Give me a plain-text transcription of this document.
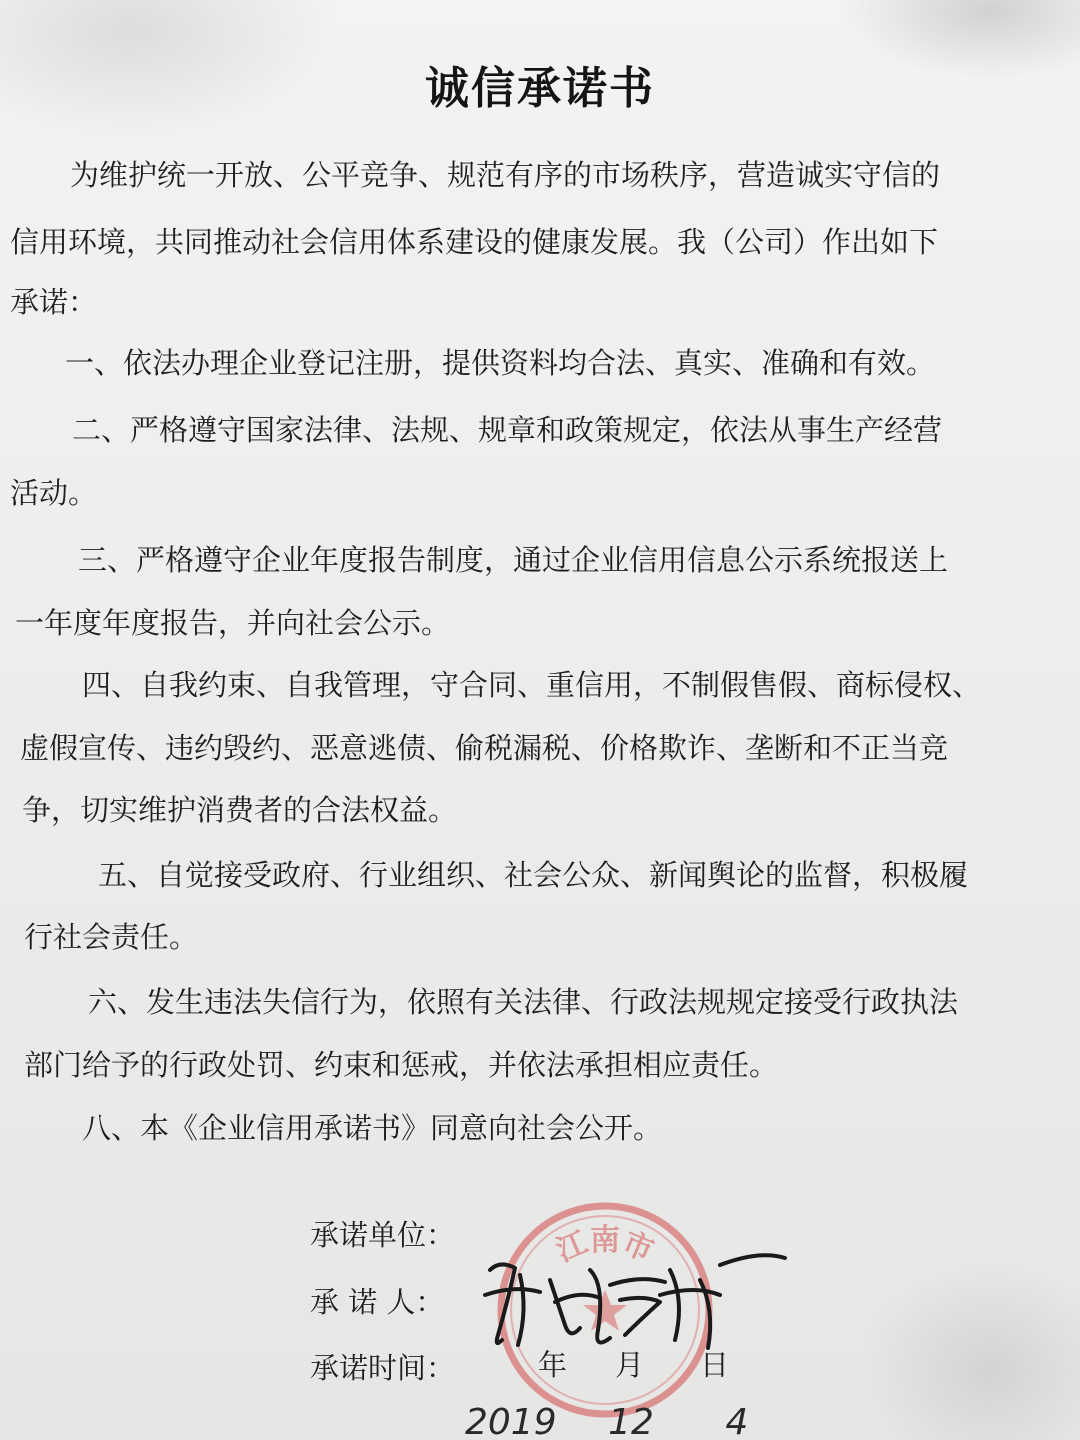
诚信承诺书
为维护统一开放、公平竞争、规范有序的市场秩序，营造诚实守信的
信用环境，共同推动社会信用体系建设的健康发展。我（公司）作出如下
承诺：
一、依法办理企业登记注册，提供资料均合法、真实、准确和有效。
二、严格遵守国家法律、法规、规章和政策规定，依法从事生产经营
活动。
三、严格遵守企业年度报告制度，通过企业信用信息公示系统报送上
一年度年度报告，并向社会公示。
四、自我约束、自我管理，守合同、重信用，不制假售假、商标侵权、
虚假宣传、违约毁约、恶意逃债、偷税漏税、价格欺诈、垄断和不正当竞
争，切实维护消费者的合法权益。
五、自觉接受政府、行业组织、社会公众、新闻舆论的监督，积极履
行社会责任。
六、发生违法失信行为，依照有关法律、行政法规规定接受行政执法
部门给予的行政处罚、约束和惩戒，并依法承担相应责任。
八、本《企业信用承诺书》同意向社会公开。
江南市
承诺单位：
承 诺 人：
承诺时间：	年 月 日
2019 12 4
